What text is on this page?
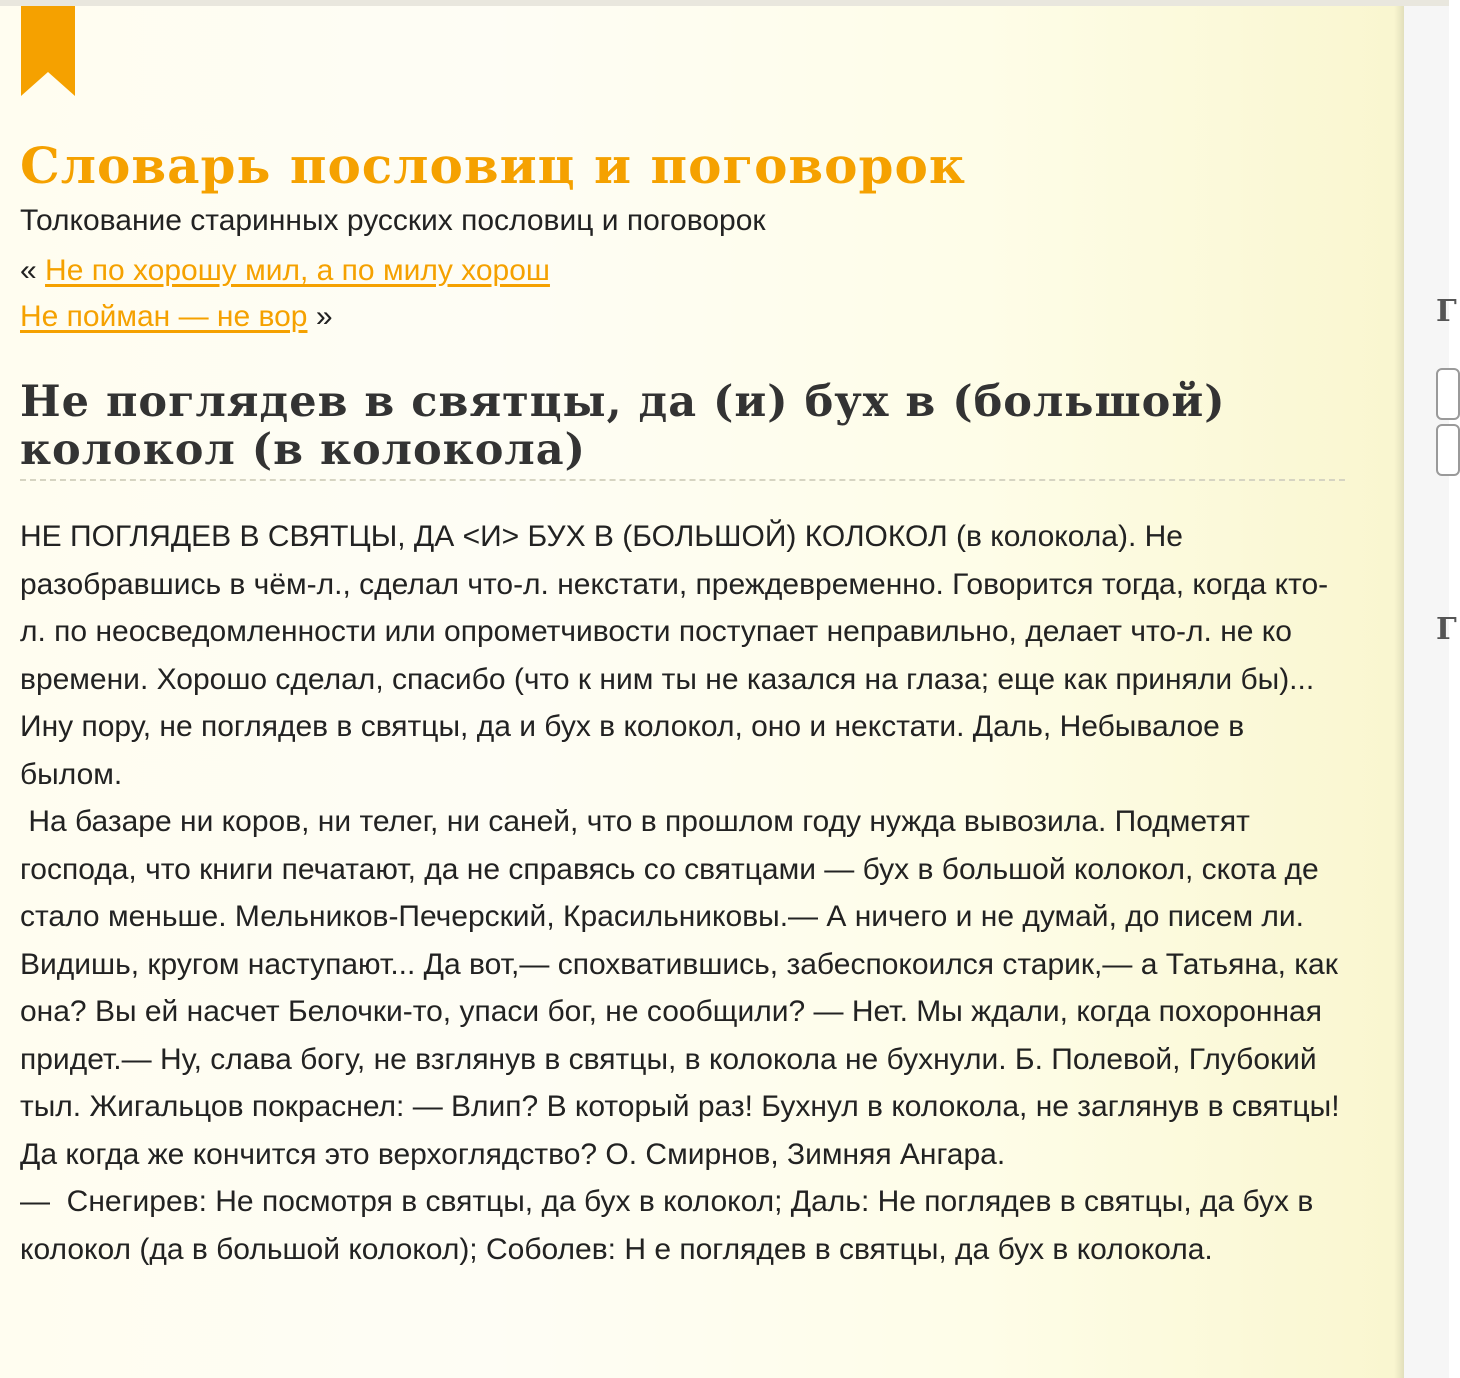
Г
Г
Словарь пословиц и поговорок
Толкование старинных русских пословиц и поговорок
« Не по хорошу мил, а по милу хорош
Не пойман — не вор »
Не поглядев в святцы, да (и) бух в (большой) колокол (в колокола)

НЕ ПОГЛЯДЕВ В СВЯТЦЫ, ДА <И> БУХ В (БОЛЬШОЙ) КОЛОКОЛ (в колокола). Не разобравшись в чём-л., сделал что-л. некстати, преждевременно. Говорится тогда, когда кто-л. по неосведомленности или опрометчивости поступает неправильно, делает что-л. не ко времени. Хорошо сделал, спасибо (что к ним ты не казался на глаза; еще как приняли бы)... Ину пору, не поглядев в святцы, да и бух в колокол, оно и некстати. Даль, Небывалое в былом.

На базаре ни коров, ни телег, ни саней, что в прошлом году нужда вывозила. Подметят господа, что книги печатают, да не справясь со святцами — бух в большой колокол, скота де стало меньше. Мельников-Печерский, Красильниковы.— А ничего и не думай, до писем ли. Видишь, кругом наступают... Да вот,— спохватившись, забеспокоился старик,— а Татьяна, как она? Вы ей насчет Белочки-то, упаси бог, не сообщили? — Нет. Мы ждали, когда похоронная придет.— Ну, слава богу, не взглянув в святцы, в колокола не бухнули. Б. Полевой, Глубокий тыл. Жигальцов покраснел: — Влип? В который раз! Бухнул в колокола, не заглянув в святцы! Да когда же кончится это верхоглядство? О. Смирнов, Зимняя Ангара.

—  Снегирев: Не посмотря в святцы, да бух в колокол; Даль: Не поглядев в святцы, да бух в колокол (да в большой колокол); Соболев: Н е поглядев в святцы, да бух в колокола.
